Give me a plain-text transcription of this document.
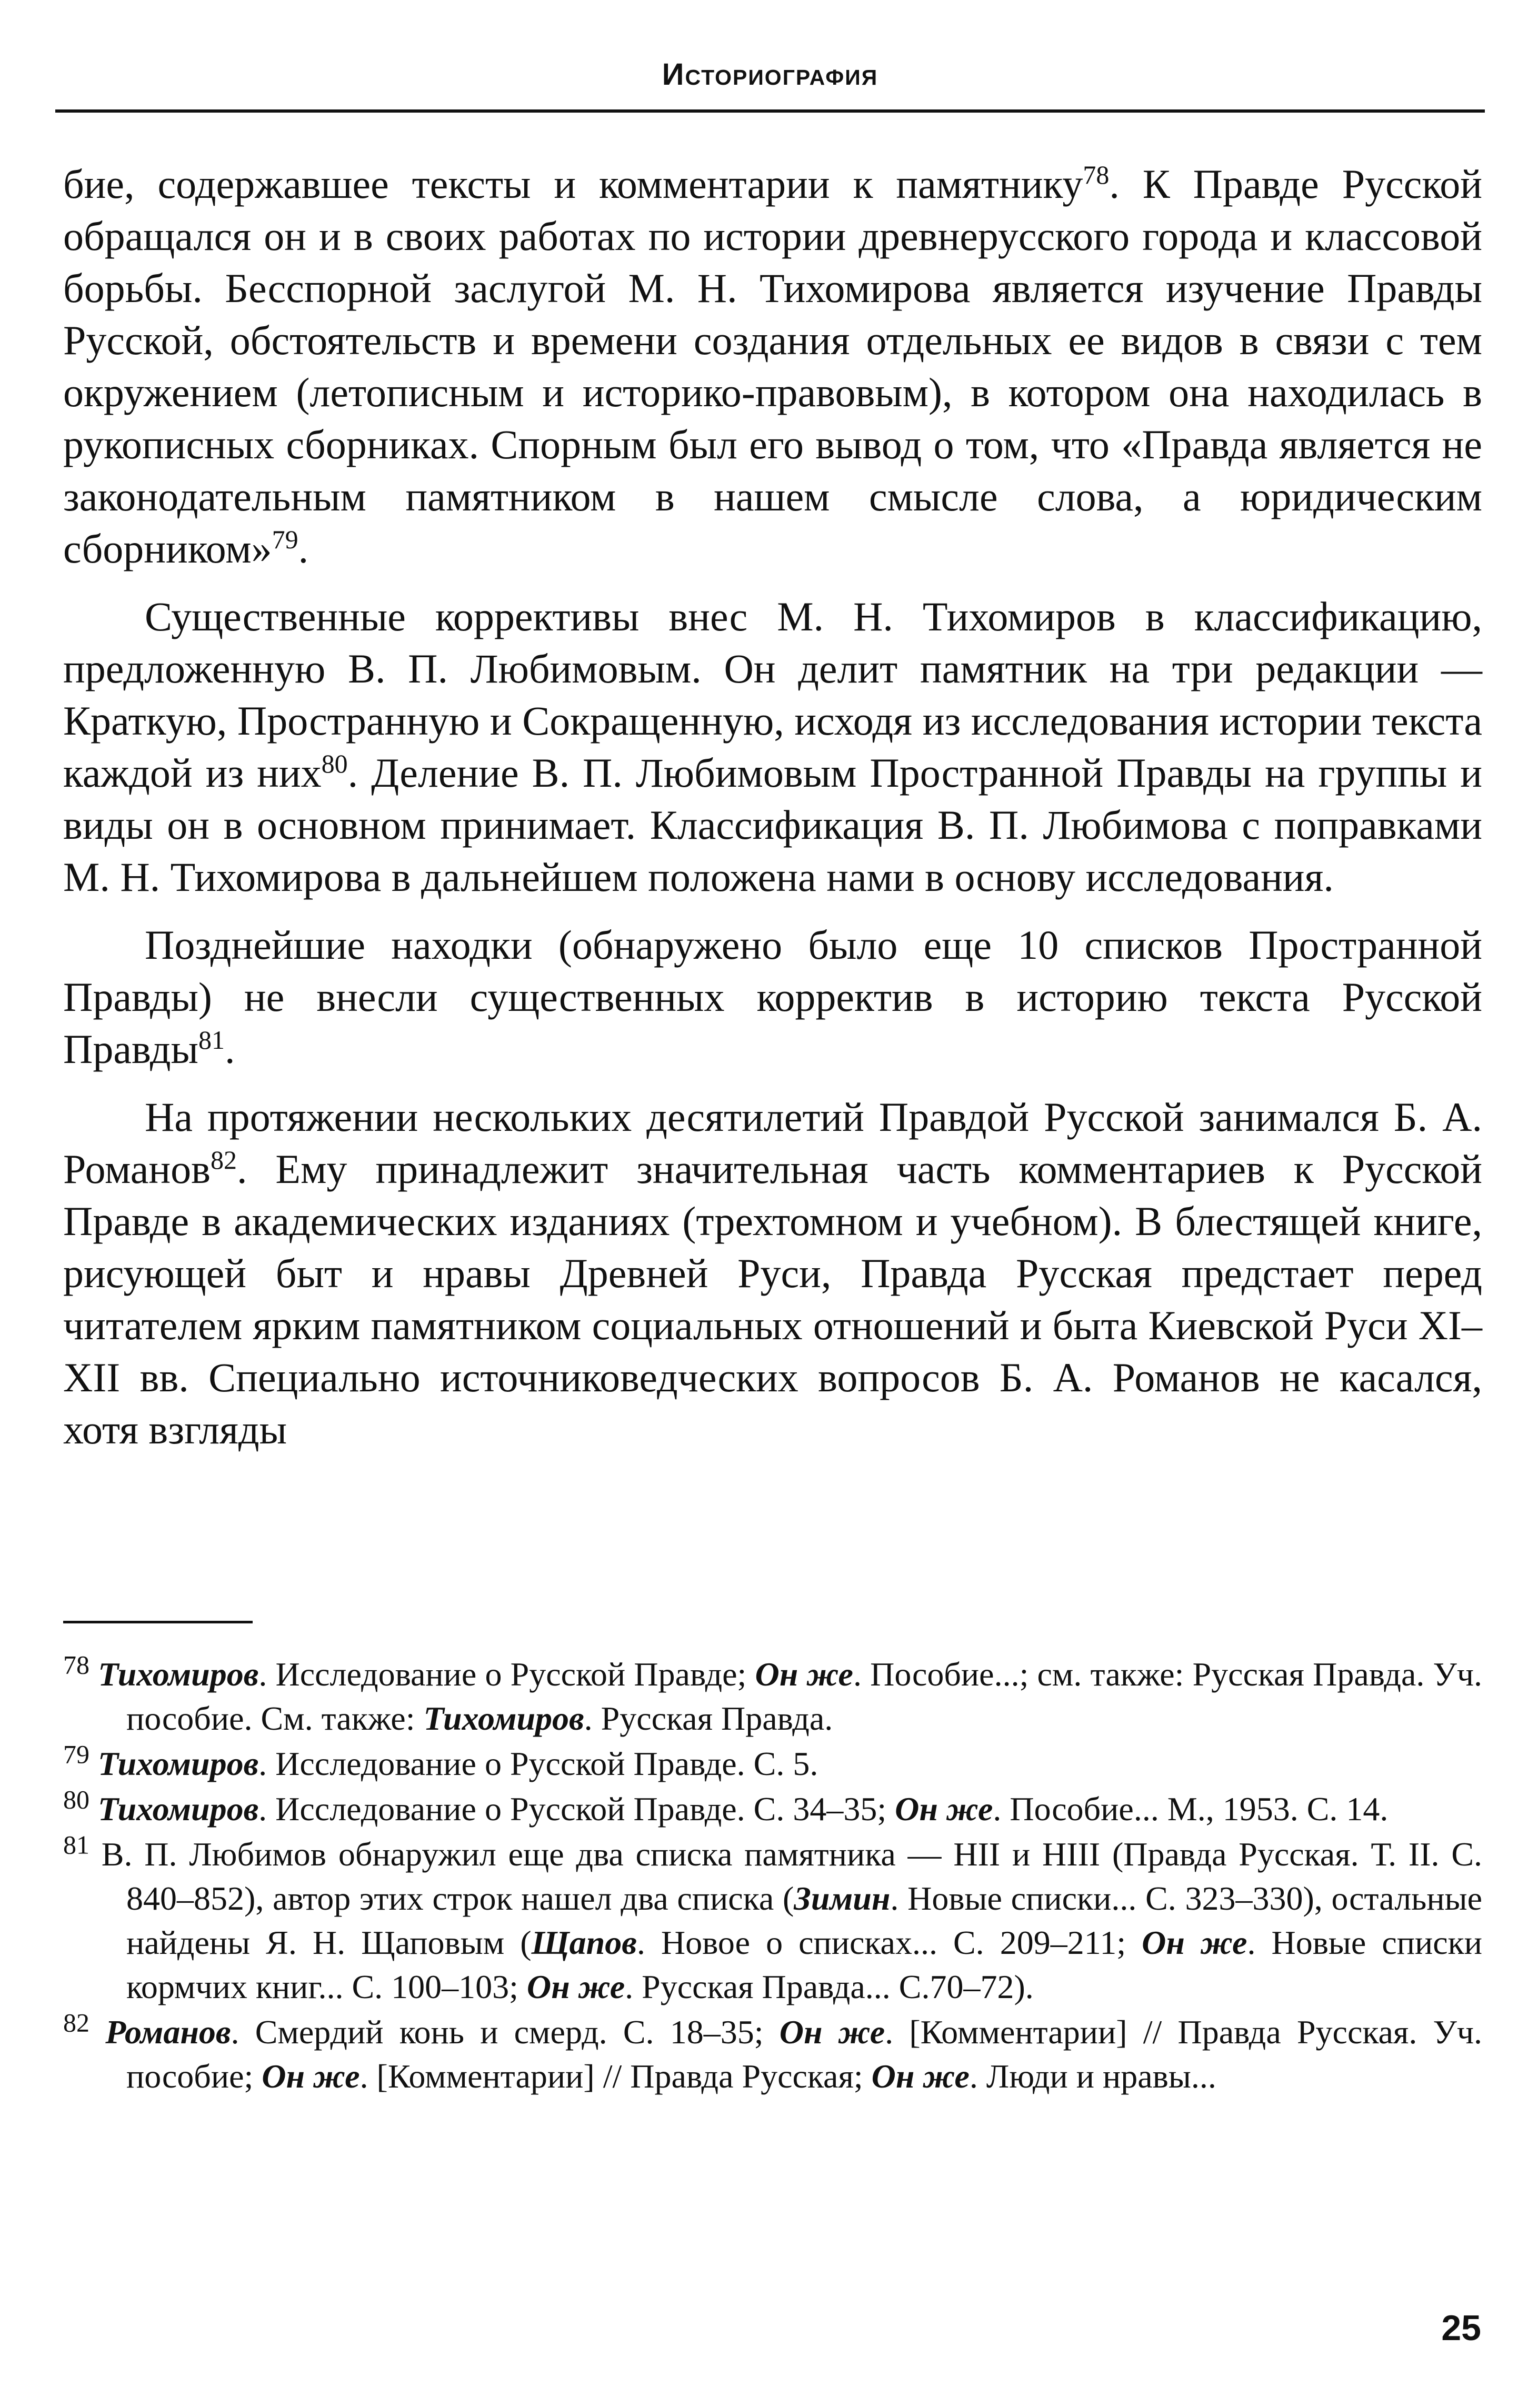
Историография

бие, содержавшее тексты и комментарии к памятнику$^{78}$. К Правде Русской обращался он и в своих работах по истории древнерусского города и классовой борьбы. Бесспорной заслугой М. Н. Тихомирова является изучение Правды Русской, обстоятельств и времени создания отдельных ее видов в связи с тем окружением (летописным и историко-правовым), в котором она находилась в рукописных сборниках. Спорным был его вывод о том, что «Правда является не законодательным памятником в нашем смысле слова, а юридическим сборником»$^{79}$.

Существенные коррективы внес М. Н. Тихомиров в классификацию, предложенную В. П. Любимовым. Он делит памятник на три редакции — Краткую, Пространную и Сокращенную, исходя из исследования истории текста каждой из них$^{80}$. Деление В. П. Любимовым Пространной Правды на группы и виды он в основном принимает. Классификация В. П. Любимова с поправками М. Н. Тихомирова в дальнейшем положена нами в основу исследования.

Позднейшие находки (обнаружено было еще 10 списков Пространной Правды) не внесли существенных корректив в историю текста Русской Правды$^{81}$.

На протяжении нескольких десятилетий Правдой Русской занимался Б. А. Романов$^{82}$. Ему принадлежит значительная часть комментариев к Русской Правде в академических изданиях (трехтомном и учебном). В блестящей книге, рисующей быт и нравы Древней Руси, Правда Русская предстает перед читателем ярким памятником социальных отношений и быта Киевской Руси XI–XII вв. Специально источниковедческих вопросов Б. А. Романов не касался, хотя взгляды

$^{78}$ Тихомиров. Исследование о Русской Правде; Он же. Пособие...; см. также: Русская Правда. Уч. пособие. См. также: Тихомиров. Русская Правда.

$^{79}$ Тихомиров. Исследование о Русской Правде. С. 5.

$^{80}$ Тихомиров. Исследование о Русской Правде. С. 34–35; Он же. Пособие... М., 1953. С. 14.

$^{81}$ В. П. Любимов обнаружил еще два списка памятника — НII и НIII (Правда Русская. Т. II. С. 840–852), автор этих строк нашел два списка (Зимин. Новые списки... С. 323–330), остальные найдены Я. Н. Щаповым (Щапов. Новое о списках... С. 209–211; Он же. Новые списки кормчих книг... С. 100–103; Он же. Русская Правда... С.70–72).

$^{82}$ Романов. Смердий конь и смерд. С. 18–35; Он же. [Комментарии] // Правда Русская. Уч. пособие; Он же. [Комментарии] // Правда Русская; Он же. Люди и нравы...

25
